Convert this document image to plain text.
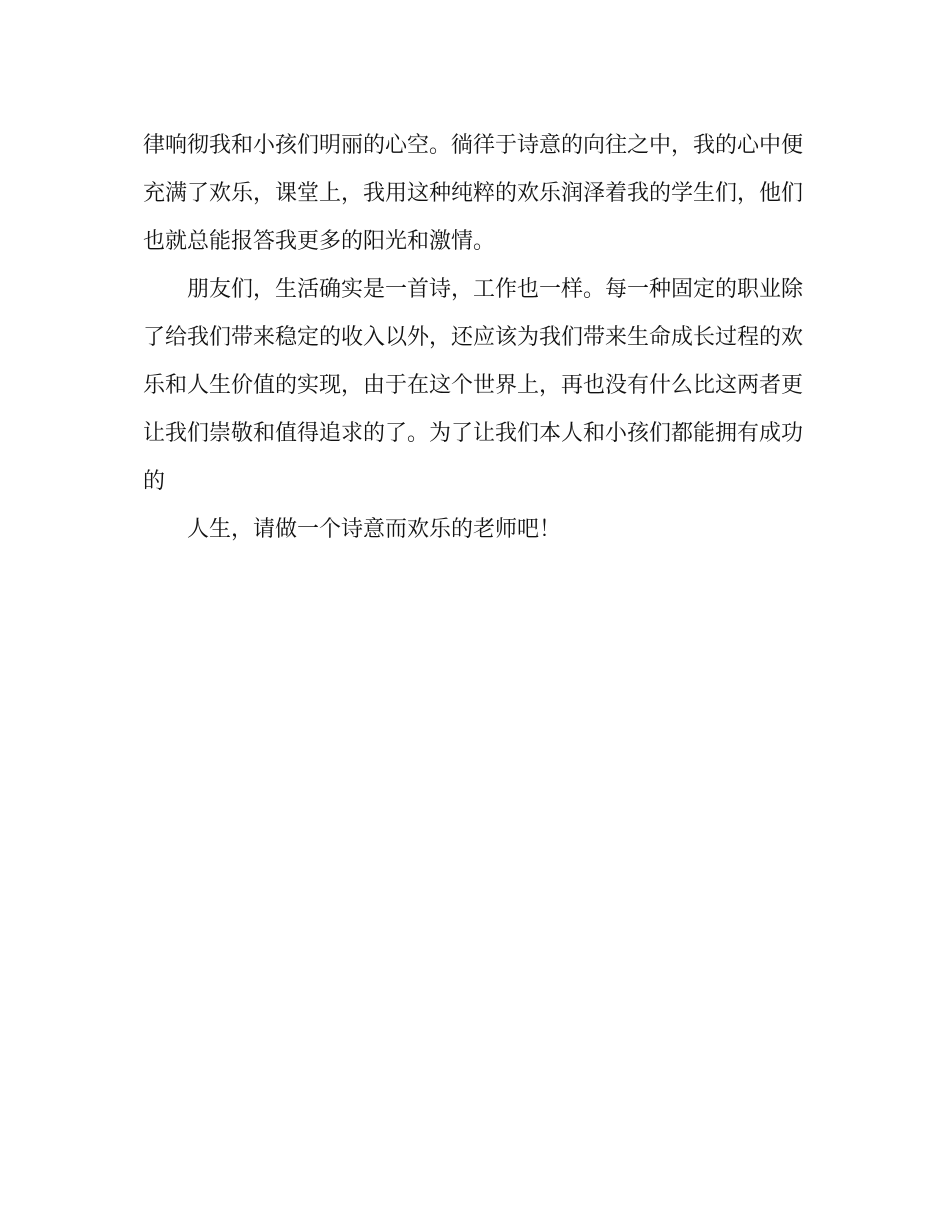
律响彻我和小孩们明丽的心空。徜徉于诗意的向往之中，我的心中便
充满了欢乐，课堂上，我用这种纯粹的欢乐润泽着我的学生们，他们
也就总能报答我更多的阳光和激情。
朋友们，生活确实是一首诗，工作也一样。每一种固定的职业除
了给我们带来稳定的收入以外，还应该为我们带来生命成长过程的欢
乐和人生价值的实现，由于在这个世界上，再也没有什么比这两者更
让我们崇敬和值得追求的了。为了让我们本人和小孩们都能拥有成功
的
人生，请做一个诗意而欢乐的老师吧！
